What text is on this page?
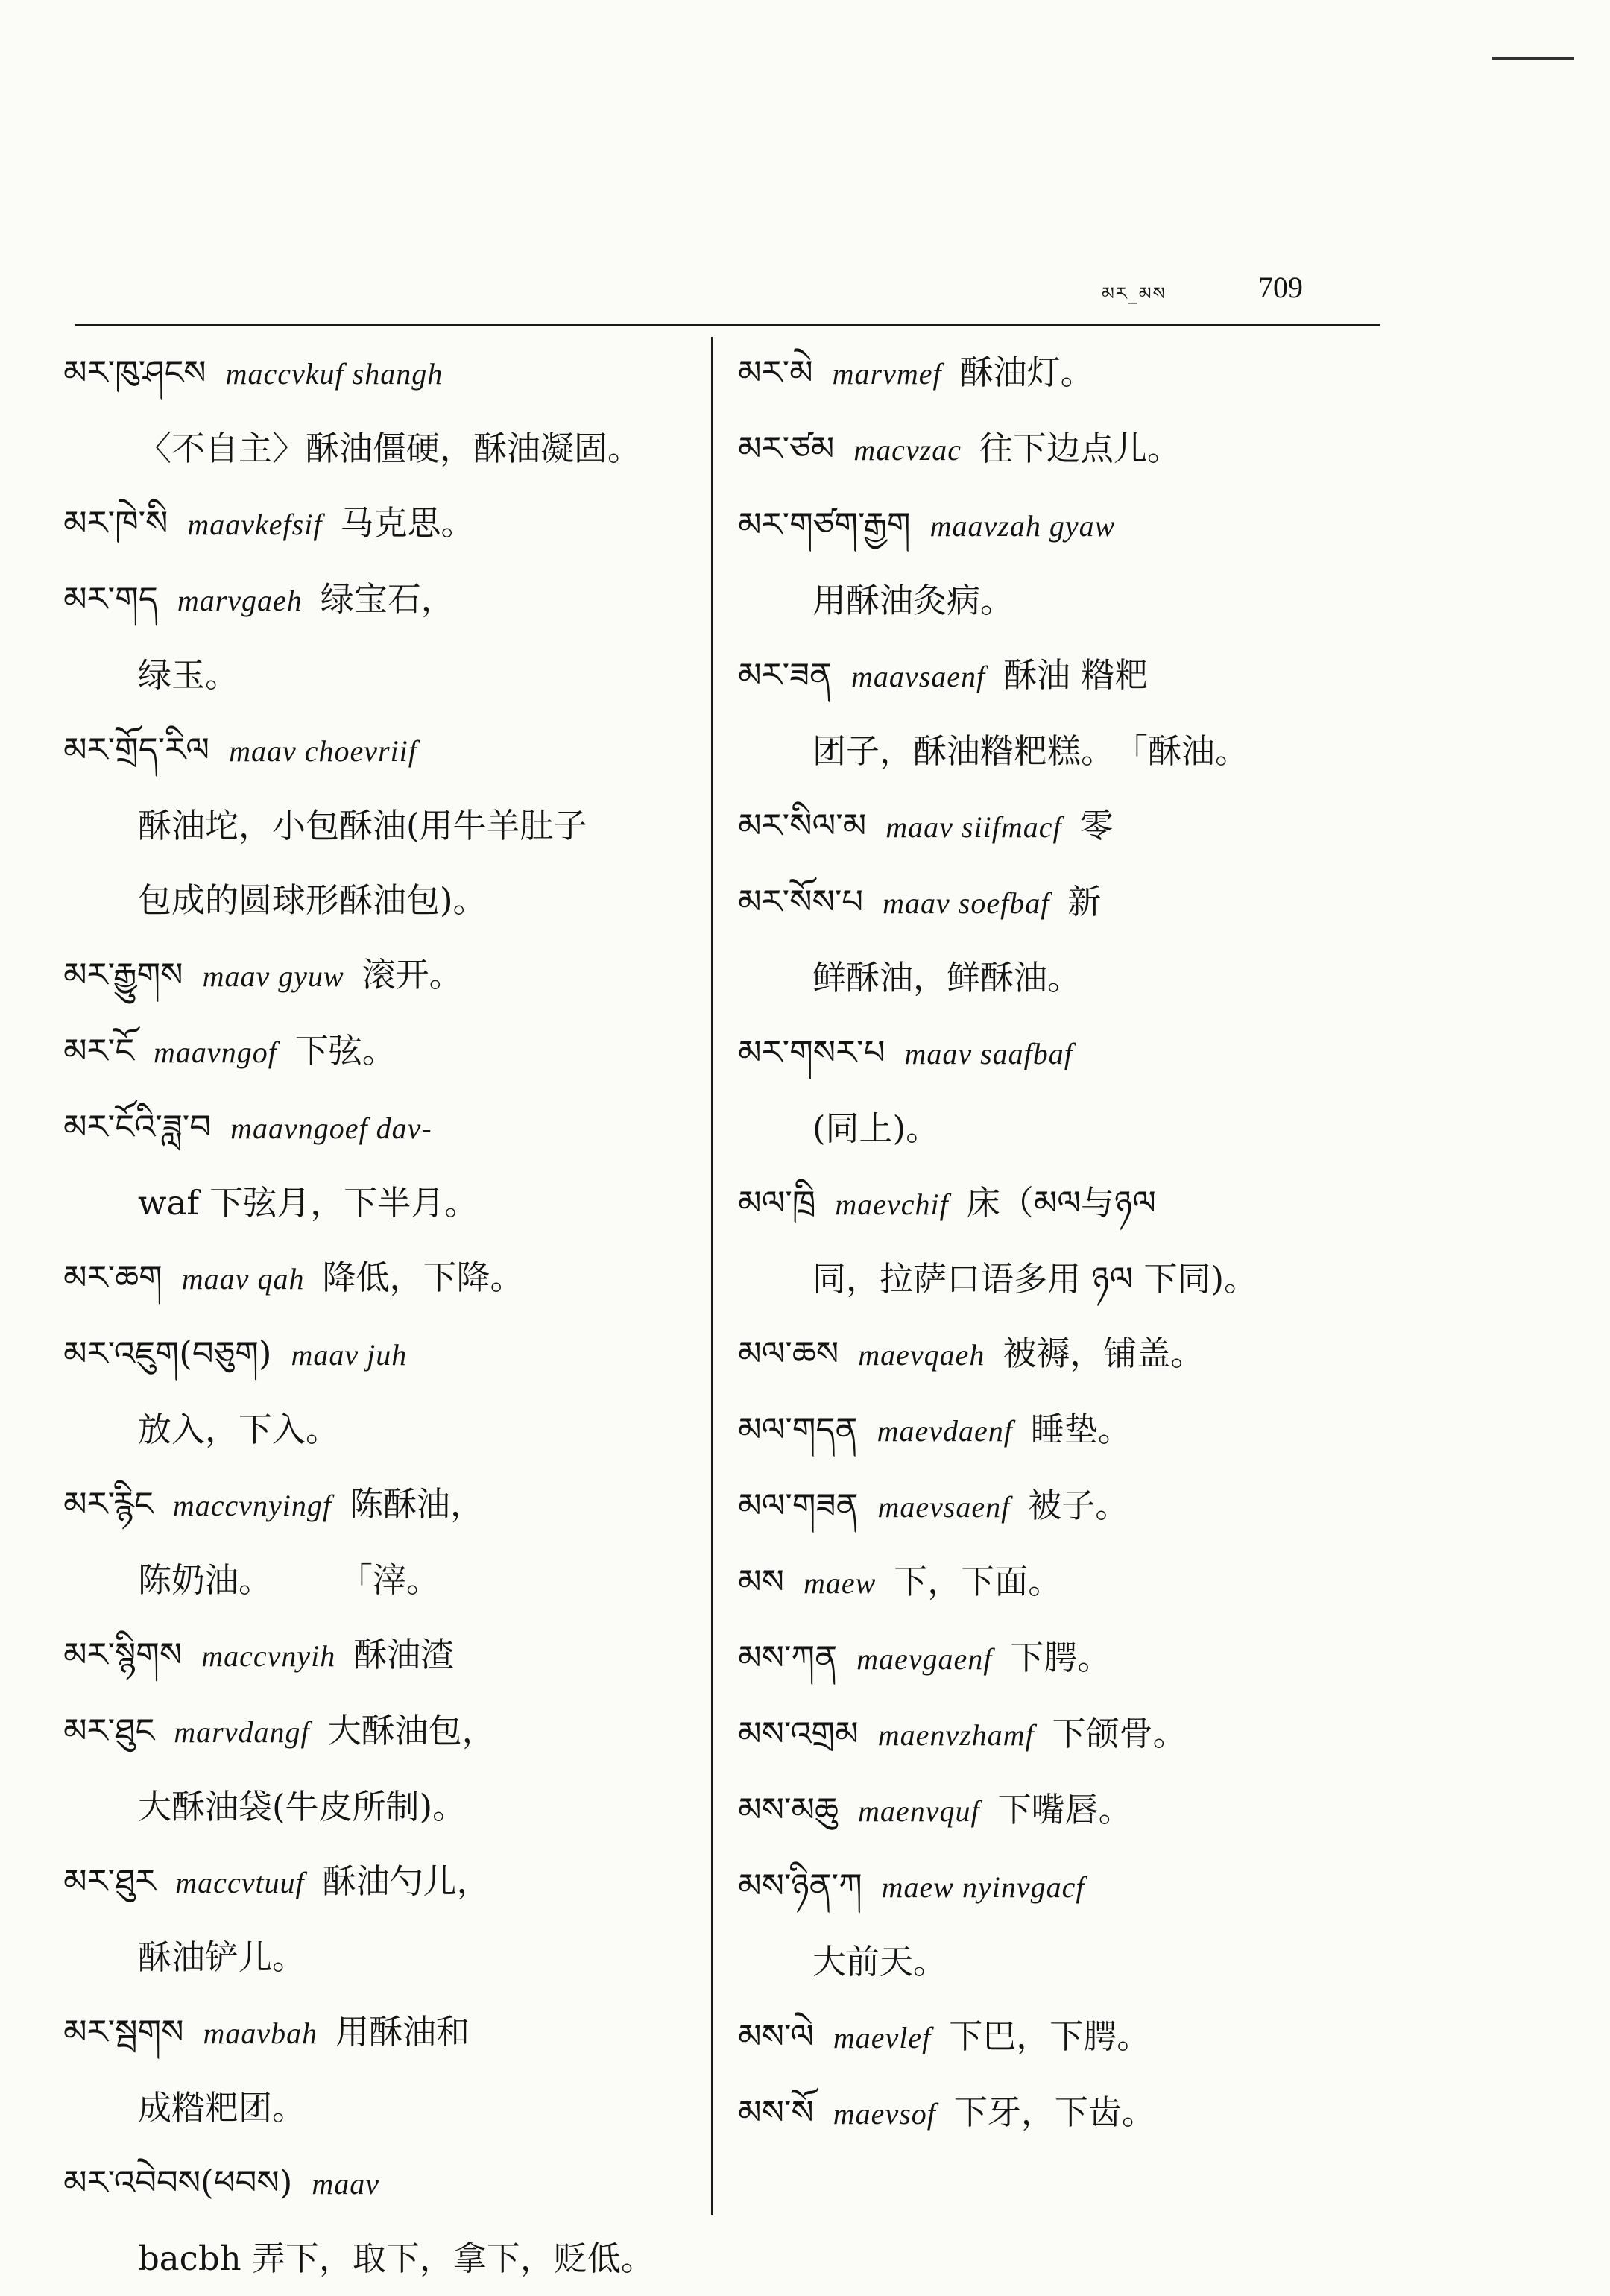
མར_མས	709
མར་ཁུ་ཤངས maccvkuf shangh
〈不自主〉酥油僵硬，酥油凝固。
མར་ཁེ་སི maavkefsif 马克思。
མར་གད marvgaeh 绿宝石，
绿玉。
མར་གྲོད་རིལ maav choevriif
酥油坨，小包酥油(用牛羊肚子
包成的圆球形酥油包)。
མར་རྒྱུགས maav gyuw 滚开。
མར་ངོ maavngof 下弦。
མར་ངོའི་ཟླ་བ maavngoef dav-
waf 下弦月，下半月。
མར་ཆག maav qah 降低，下降。
མར་འཇུག(བཅུག) maav juh
放入，下入。
མར་རྙིང maccvnyingf 陈酥油，
陈奶油。　　　「滓。
མར་སྙིགས maccvnyih 酥油渣
མར་ཐུང marvdangf 大酥油包，
大酥油袋(牛皮所制)。
མར་ཐུར maccvtuuf 酥油勺儿，
酥油铲儿。
མར་སྦགས maavbah 用酥油和
成糌粑团。
མར་འབེབས(ཕབས) maav
bacbh 弄下，取下，拿下，贬低。
མར་མེ marvmef 酥油灯。
མར་ཙམ macvzac 往下边点儿。
མར་གཙག་རྒྱག maavzah gyaw
用酥油灸病。
མར་ཟན maavsaenf 酥油 糌粑
团子，酥油糌粑糕。　「酥油。
མར་སིལ་མ maav siifmacf 零
མར་སོས་པ maav soefbaf 新
鲜酥油，鲜酥油。
མར་གསར་པ maav saafbaf
(同上)。
མལ་ཁྲི maevchif 床（མལ与ཉལ
同，拉萨口语多用 ཉལ 下同)。
མལ་ཆས maevqaeh 被褥，铺盖。
མལ་གདན maevdaenf 睡垫。
མལ་གཟན maevsaenf 被子。
མས maew 下，下面。
མས་ཀན maevgaenf 下腭。
མས་འགྲམ maenvzhamf 下颌骨。
མས་མཆུ maenvquf 下嘴唇。
མས་ཉིན་ཀ maew nyinvgacf
大前天。
མས་ལེ maevlef 下巴，下腭。
མས་སོ maevsof 下牙，下齿。
